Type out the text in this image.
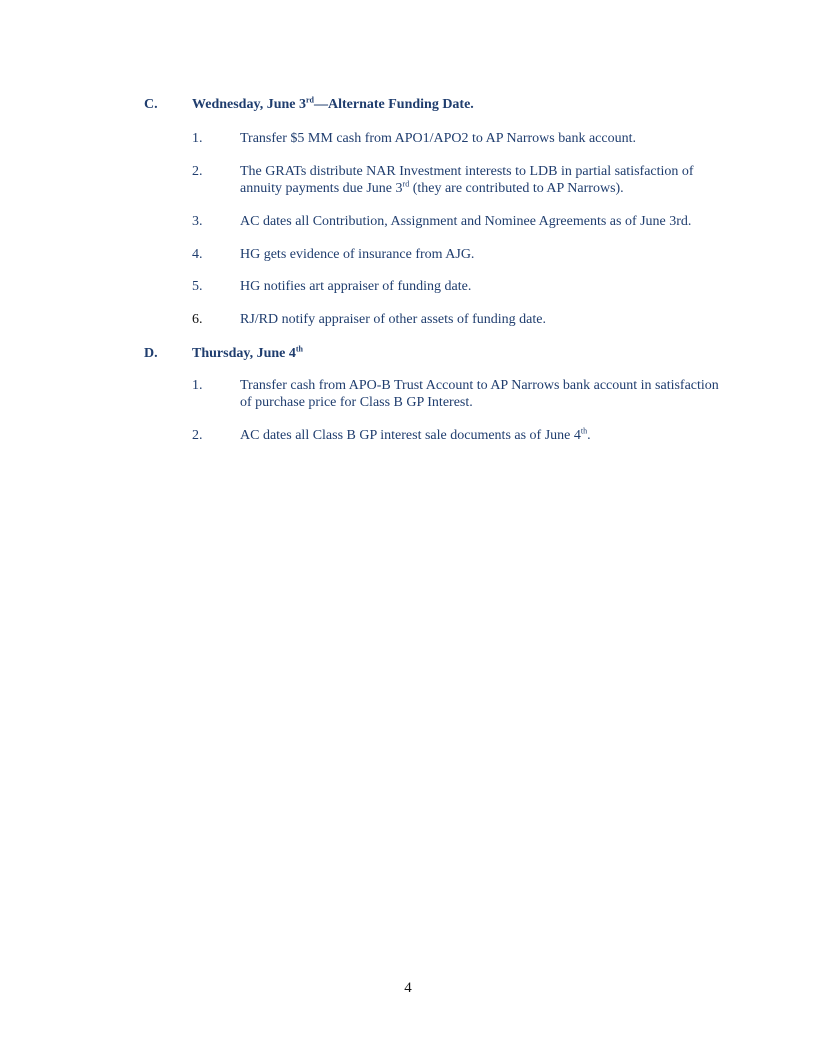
C. Wednesday, June 3rd—Alternate Funding Date.
1.	Transfer $5 MM cash from APO1/APO2 to AP Narrows bank account.
2.	The GRATs distribute NAR Investment interests to LDB in partial satisfaction of annuity payments due June 3rd (they are contributed to AP Narrows).
3.	AC dates all Contribution, Assignment and Nominee Agreements as of June 3rd.
4.	HG gets evidence of insurance from AJG.
5.	HG notifies art appraiser of funding date.
6.	RJ/RD notify appraiser of other assets of funding date.
D. Thursday, June 4th
1.	Transfer cash from APO-B Trust Account to AP Narrows bank account in satisfaction of purchase price for Class B GP Interest.
2.	AC dates all Class B GP interest sale documents as of June 4th.
4
